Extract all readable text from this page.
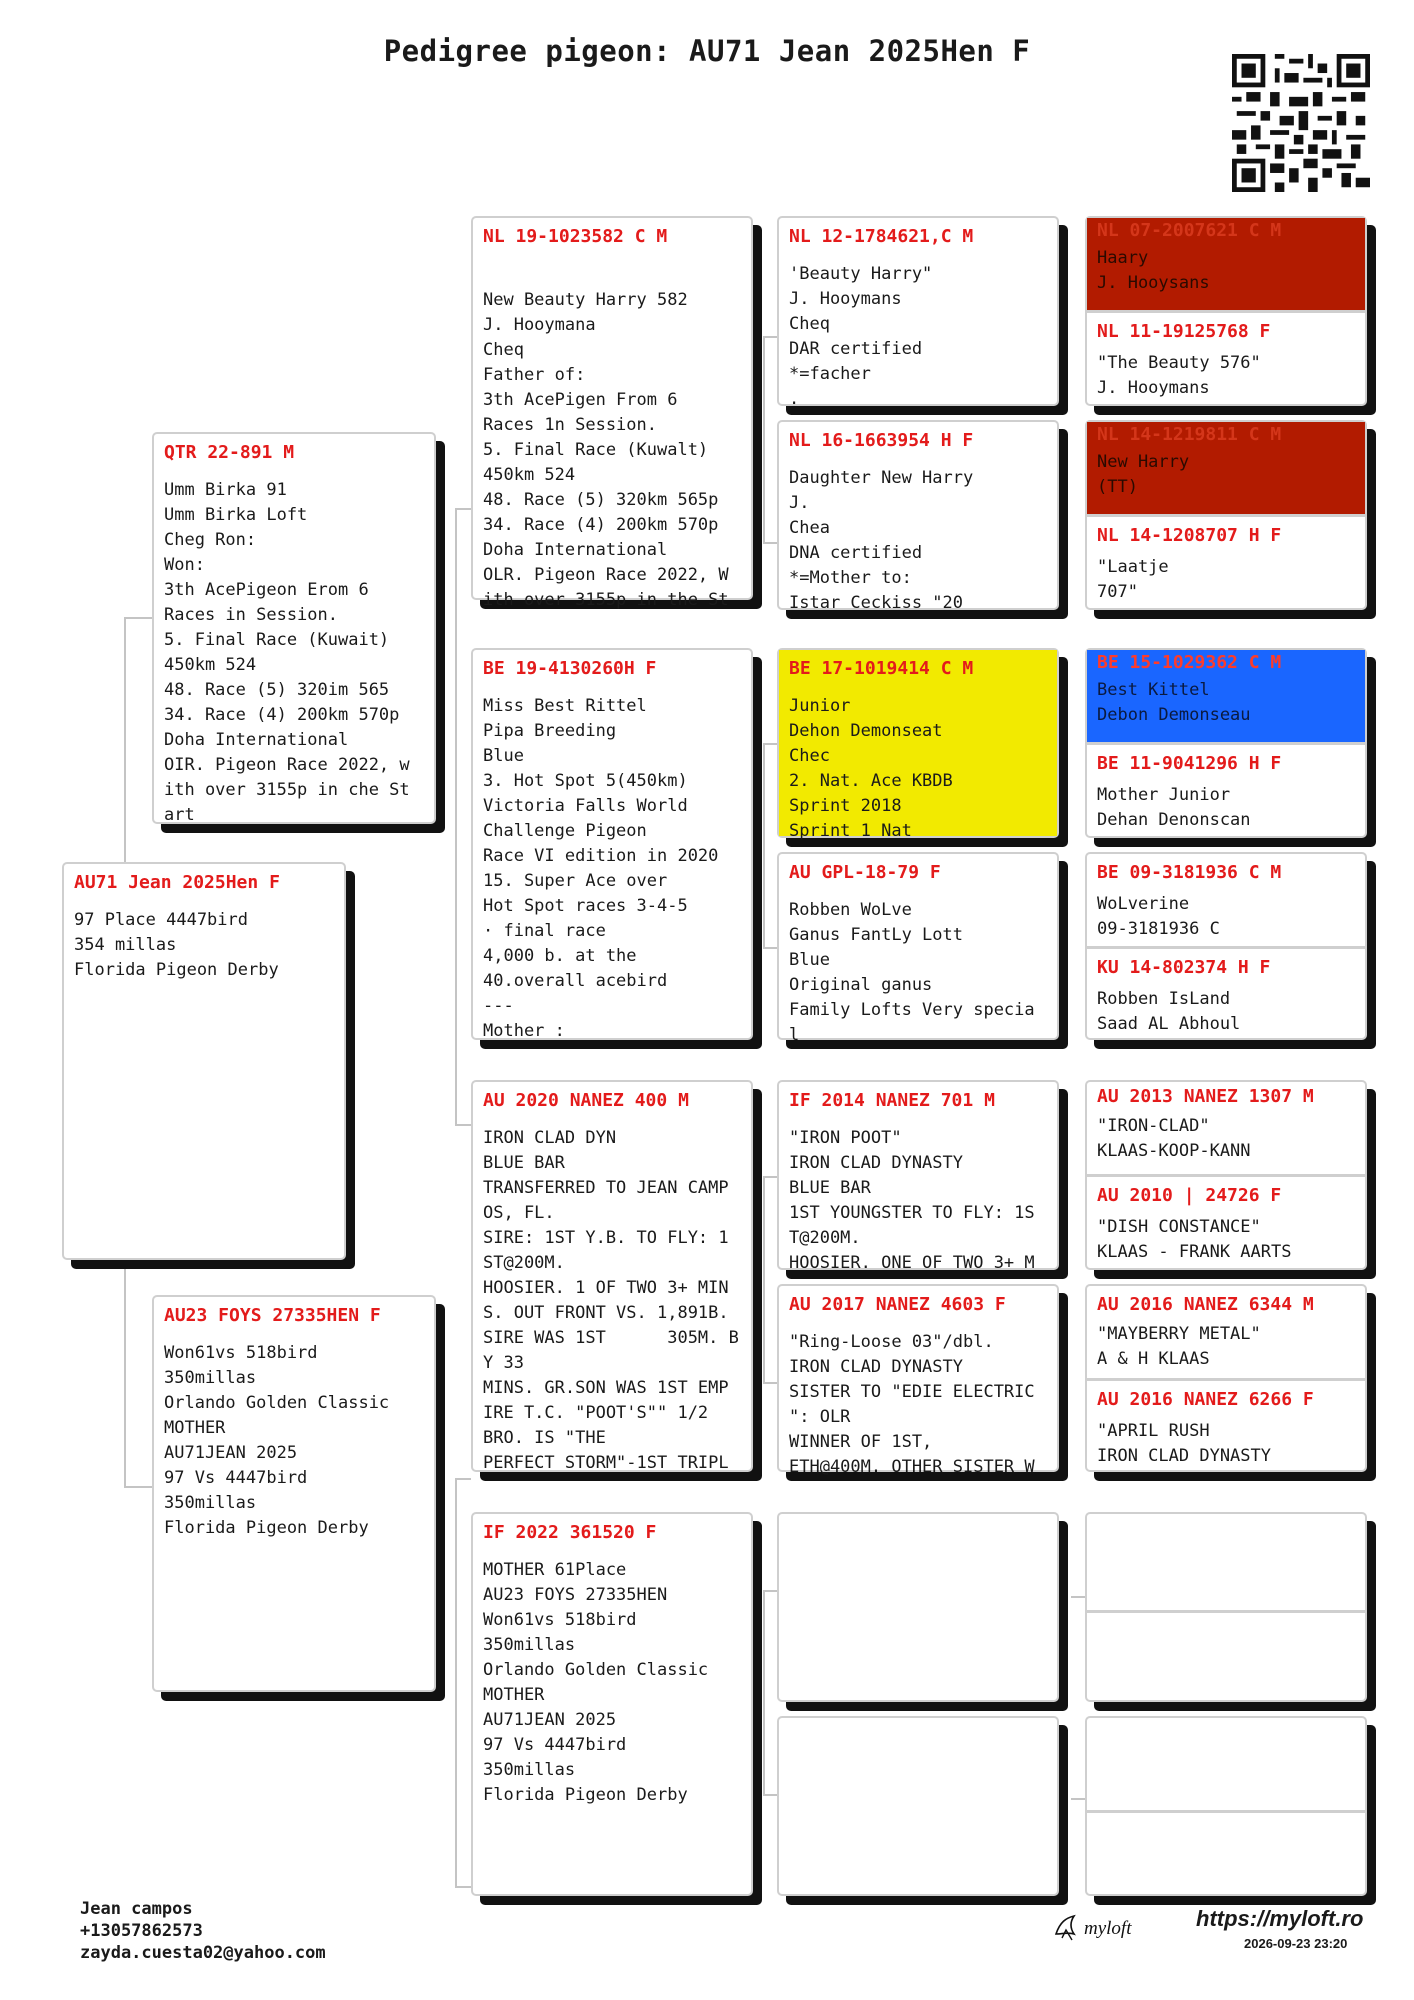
Pedigree pigeon: AU71 Jean 2025Hen F
AU71 Jean 2025Hen F
97 Place 4447bird
354 millas
Florida Pigeon Derby
QTR 22-891 M
Umm Birka 91
Umm Birka Loft
Cheg Ron:
Won:
3th AcePigeon Erom 6
Races in Session.
5. Final Race (Kuwait)
450km 524
48. Race (5) 320im 565
34. Race (4) 200km 570p
Doha International
OIR. Pigeon Race 2022, w
ith over 3155p in che St
art
AU23 FOYS 27335HEN F
Won61vs 518bird
350millas
Orlando Golden Classic
MOTHER
AU71JEAN 2025
97 Vs 4447bird
350millas
Florida Pigeon Derby
NL 19-1023582 C M
New Beauty Harry 582
J. Hooymana
Cheq
Father of:
3th AcePigen From 6
Races 1n Session.
5. Final Race (Kuwalt)
450km 524
48. Race (5) 320km 565p
34. Race (4) 200km 570p
Doha International
OLR. Pigeon Race 2022, W
ith over 3155p in the St
BE 19-4130260H F
Miss Best Rittel
Pipa Breeding
Blue
3. Hot Spot 5(450km)
Victoria Falls World
Challenge Pigeon
Race VI edition in 2020
15. Super Ace over
Hot Spot races 3-4-5
· final race
4,000 b. at the
40.overall acebird
---
Mother :
AU 2020 NANEZ 400 M
IRON CLAD DYN
BLUE BAR
TRANSFERRED TO JEAN CAMP
OS, FL.
SIRE: 1ST Y.B. TO FLY: 1
ST@200M.
HOOSIER. 1 OF TWO 3+ MIN
S. OUT FRONT VS. 1,891B.
SIRE WAS 1ST      305M. B
Y 33
MINS. GR.SON WAS 1ST EMP
IRE T.C. "POOT'S"" 1/2
BRO. IS "THE
PERFECT STORM"-1ST TRIPL
IF 2022 361520 F
MOTHER 61Place
AU23 FOYS 27335HEN
Won61vs 518bird
350millas
Orlando Golden Classic
MOTHER
AU71JEAN 2025
97 Vs 4447bird
350millas
Florida Pigeon Derby
NL 12-1784621,C M
'Beauty Harry"
J. Hooymans
Cheq
DAR certified
*=facher
.
NL 16-1663954 H F
Daughter New Harry
J.
Chea
DNA certified
*=Mother to:
Istar Ceckiss "20
BE 17-1019414 C M
Junior
Dehon Demonseat
Chec
2. Nat. Ace KBDB
Sprint 2018
Sprint 1 Nat
AU GPL-18-79 F
Robben WoLve
Ganus FantLy Lott
Blue
Original ganus
Family Lofts Very specia
l
IF 2014 NANEZ 701 M
"IRON POOT"
IRON CLAD DYNASTY
BLUE BAR
1ST YOUNGSTER TO FLY: 1S
T@200M.
HOOSIER. ONE OF TWO 3+ M
AU 2017 NANEZ 4603 F
"Ring-Loose 03"/dbl.
IRON CLAD DYNASTY
SISTER TO "EDIE ELECTRIC
": OLR
WINNER OF 1ST,
ETH@400M. OTHER SISTER W
NL 07-2007621 C M
Haary
J. Hooysans
NL 11-19125768 F
"The Beauty 576"
J. Hooymans
NL 14-1219811 C M
New Harry
(TT)
NL 14-1208707 H F
"Laatje
707"
BE 15-1029362 C M
Best Kittel
Debon Demonseau
BE 11-9041296 H F
Mother Junior
Dehan Denonscan
BE 09-3181936 C M
WoLverine
09-3181936 C
KU 14-802374 H F
Robben IsLand
Saad AL Abhoul
AU 2013 NANEZ 1307 M
"IRON-CLAD"
KLAAS-KOOP-KANN
AU 2010 | 24726 F
"DISH CONSTANCE"
KLAAS - FRANK AARTS
AU 2016 NANEZ 6344 M
"MAYBERRY METAL"
A & H KLAAS
AU 2016 NANEZ 6266 F
"APRIL RUSH
IRON CLAD DYNASTY
Jean campos
+13057862573
zayda.cuesta02@yahoo.com
myloft	https://myloft.ro
2026-09-23 23:20
